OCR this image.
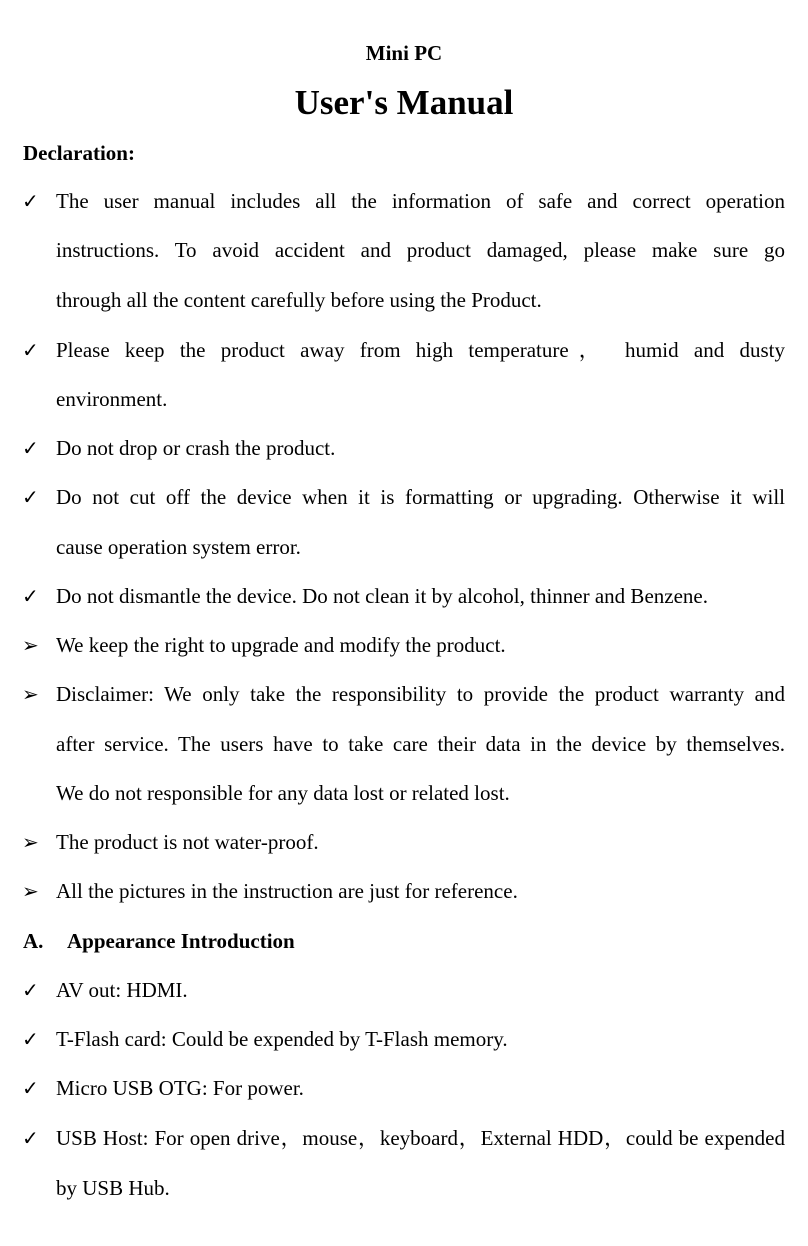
Mini PC
User's Manual
Declaration:
✓ The user manual includes all the information of safe and correct operation
instructions. To avoid accident and product damaged, please make sure go
through all the content carefully before using the Product.
✓ Please keep the product away from high temperature， humid and dusty
environment.
✓ Do not drop or crash the product.
✓ Do not cut off the device when it is formatting or upgrading. Otherwise it will
cause operation system error.
✓ Do not dismantle the device. Do not clean it by alcohol, thinner and Benzene.
➢ We keep the right to upgrade and modify the product.
➢ Disclaimer: We only take the responsibility to provide the product warranty and
after service. The users have to take care their data in the device by themselves.
We do not responsible for any data lost or related lost.
➢ The product is not water-proof.
➢ All the pictures in the instruction are just for reference.
A. Appearance Introduction
✓ AV out: HDMI.
✓ T-Flash card: Could be expended by T-Flash memory.
✓ Micro USB OTG: For power.
✓ USB Host: For open drive，mouse，keyboard，External HDD，could be expended
by USB Hub.
